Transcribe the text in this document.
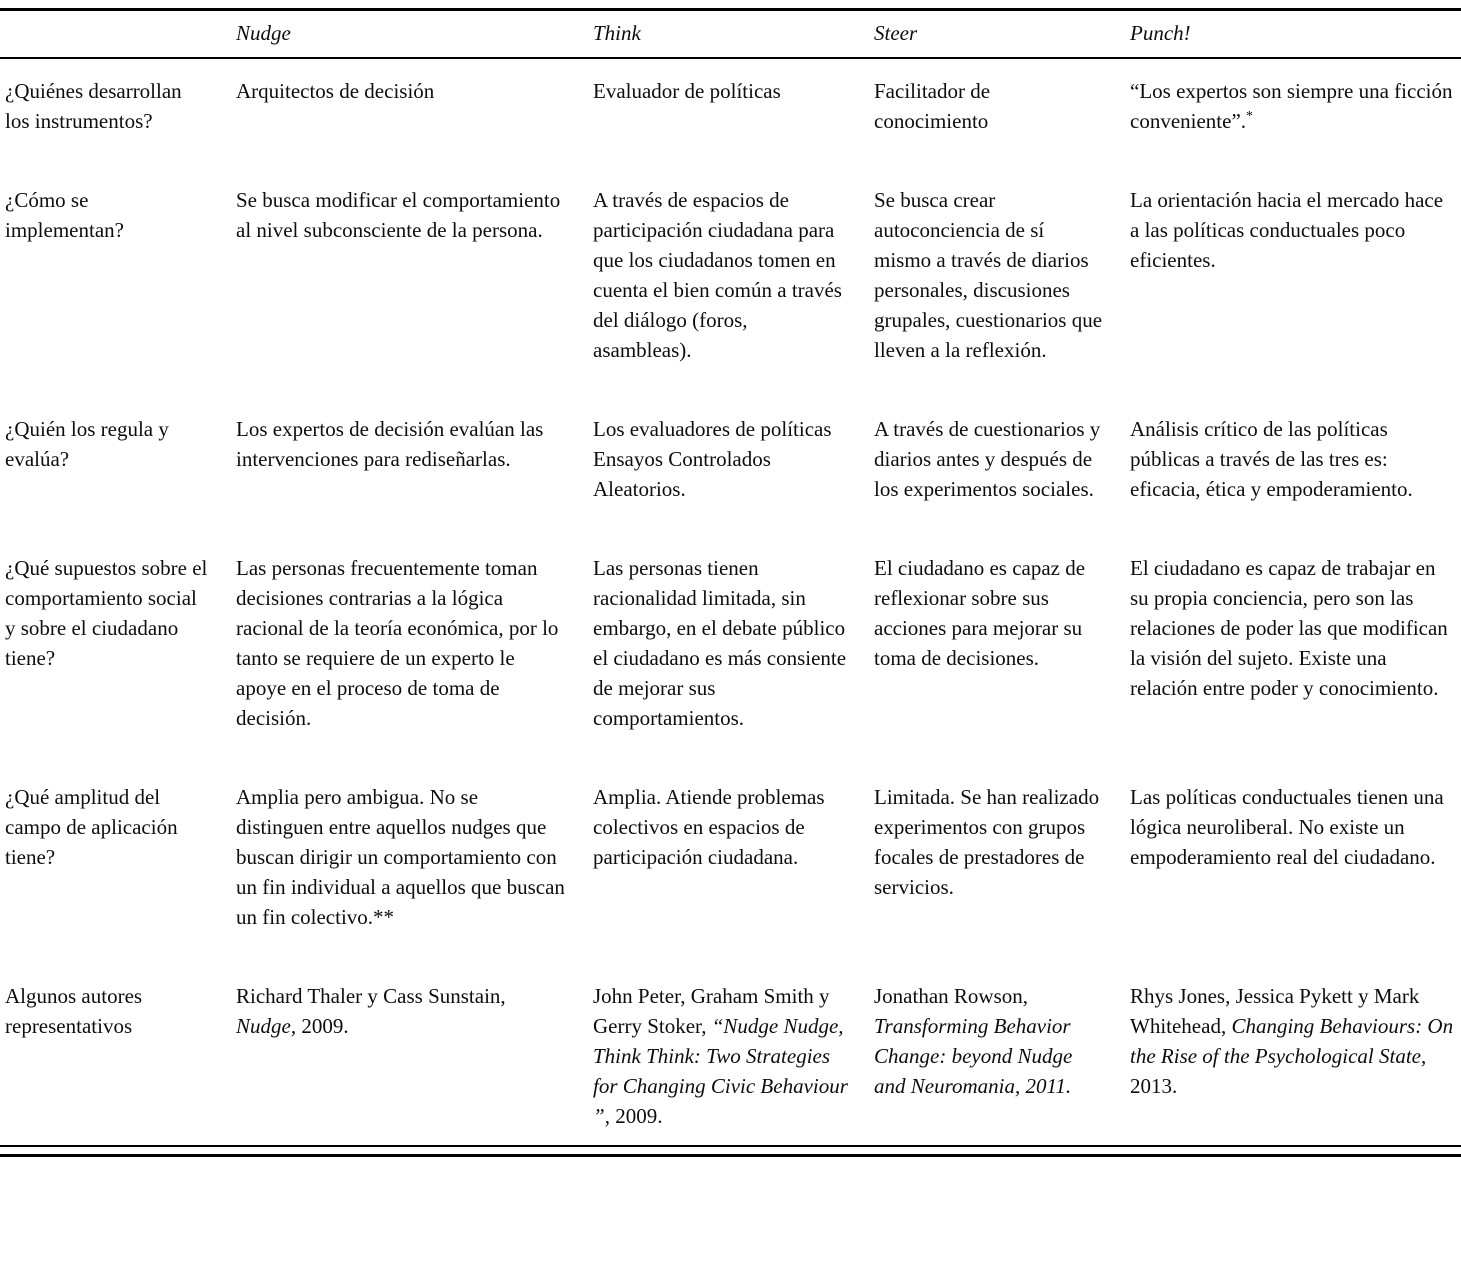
	Nudge	Think	Steer	Punch!
¿Quiénes desarrollan los instrumentos?	Arquitectos de decisión	Evaluador de políticas	Facilitador de conocimiento	“Los expertos son siempre una ficción conveniente”.*
¿Cómo se implementan?	Se busca modificar el comportamiento al nivel subconsciente de la persona.	A través de espacios de participación ciudadana para que los ciudadanos tomen en cuenta el bien común a través del diálogo (foros, asambleas).	Se busca crear autoconciencia de sí mismo a través de diarios personales, discusiones grupales, cuestionarios que lleven a la reflexión.	La orientación hacia el mercado hace a las políticas conductuales poco eficientes.
¿Quién los regula y evalúa?	Los expertos de decisión evalúan las intervenciones para rediseñarlas.	Los evaluadores de políticas Ensayos Controlados Aleatorios.	A través de cuestionarios y diarios antes y después de los experimentos sociales.	Análisis crítico de las políticas públicas a través de las tres es: eficacia, ética y empoderamiento.
¿Qué supuestos sobre el comportamiento social y sobre el ciudadano tiene?	Las personas frecuentemente toman decisiones contrarias a la lógica racional de la teoría económica, por lo tanto se requiere de un experto le apoye en el proceso de toma de decisión.	Las personas tienen racionalidad limitada, sin embargo, en el debate público el ciudadano es más consiente de mejorar sus comportamientos.	El ciudadano es capaz de reflexionar sobre sus acciones para mejorar su toma de decisiones.	El ciudadano es capaz de trabajar en su propia conciencia, pero son las relaciones de poder las que modifican la visión del sujeto. Existe una relación entre poder y conocimiento.
¿Qué amplitud del campo de aplicación tiene?	Amplia pero ambigua. No se distinguen entre aquellos nudges que buscan dirigir un comportamiento con un fin individual a aquellos que buscan un fin colectivo.**	Amplia. Atiende problemas colectivos en espacios de participación ciudadana.	Limitada. Se han realizado experimentos con grupos focales de prestadores de servicios.	Las políticas conductuales tienen una lógica neuroliberal. No existe un empoderamiento real del ciudadano.
Algunos autores representativos	Richard Thaler y Cass Sunstain, Nudge, 2009.	John Peter, Graham Smith y Gerry Stoker, “Nudge Nudge, Think Think: Two Strategies for Changing Civic Behaviour ”, 2009.	Jonathan Rowson, Transforming Behavior Change: beyond Nudge and Neuromania, 2011.	Rhys Jones, Jessica Pykett y Mark Whitehead, Changing Behaviours: On the Rise of the Psychological State, 2013.
